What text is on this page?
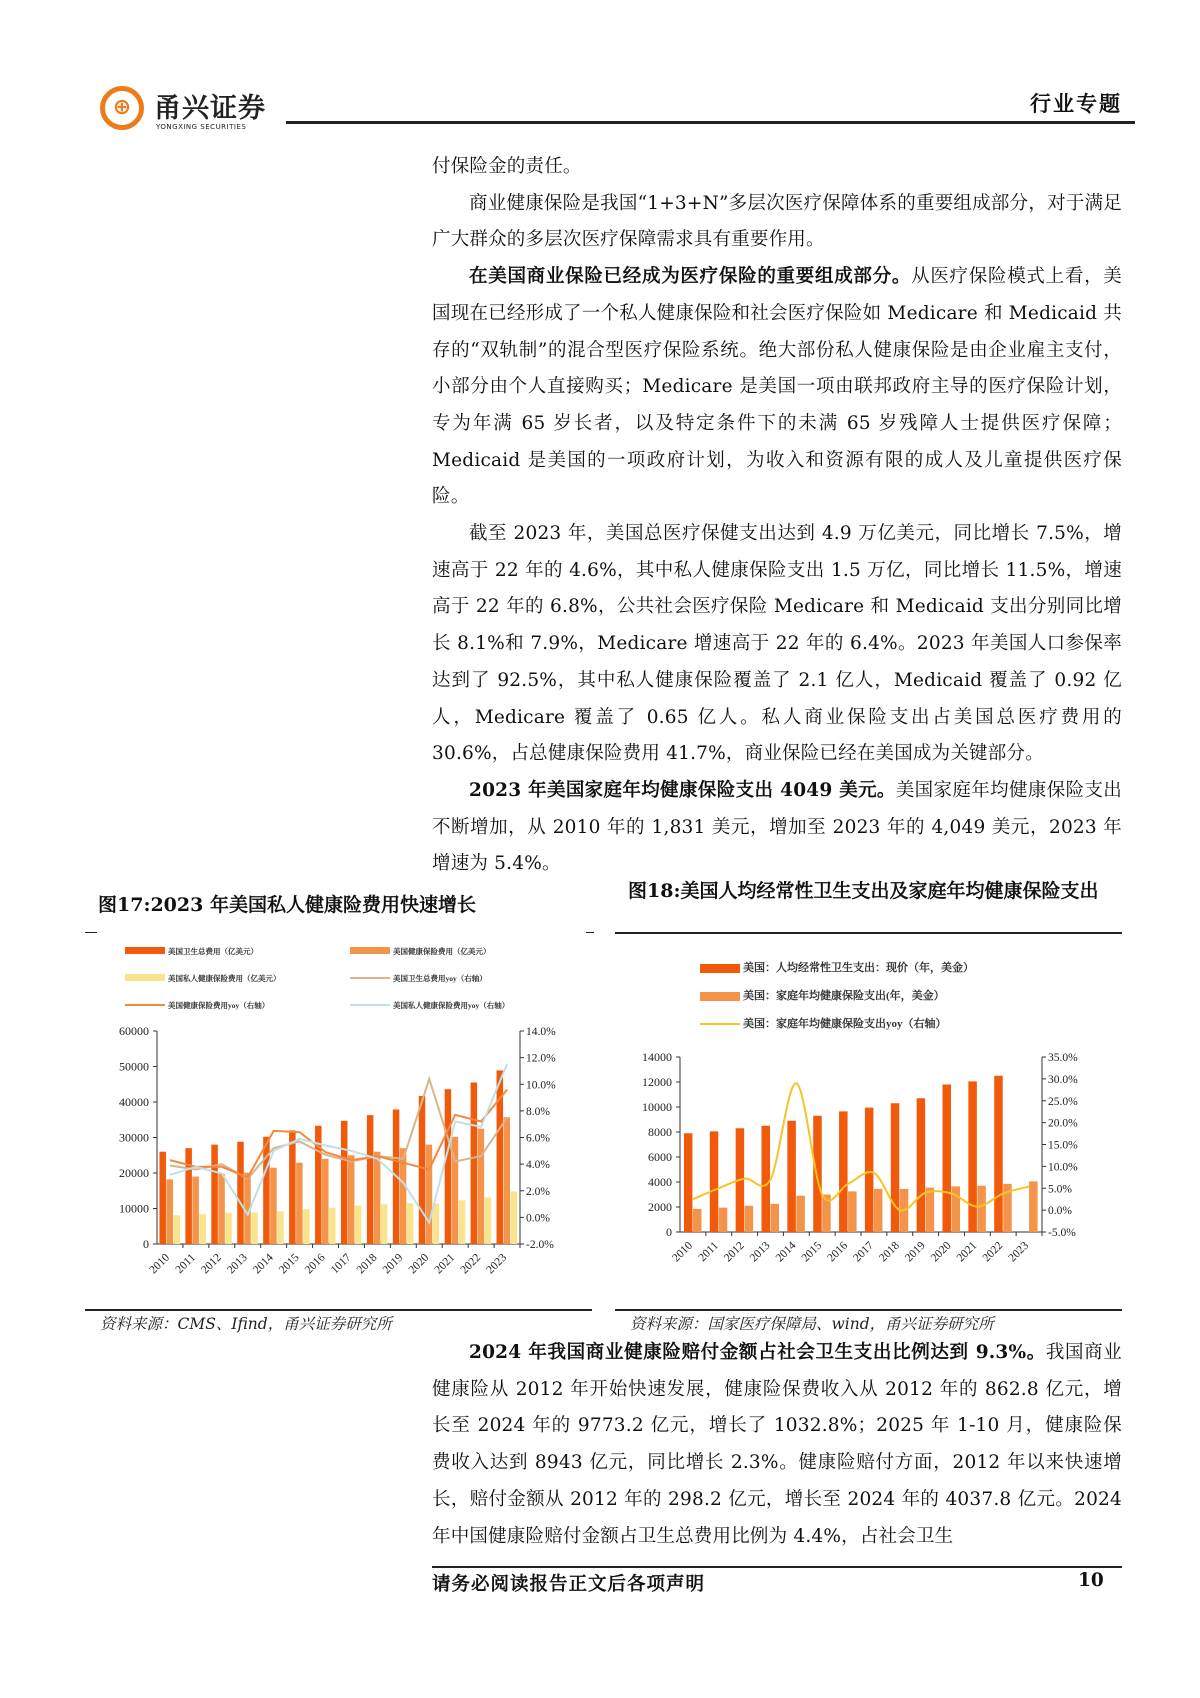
⊕ 甬兴证券
YONGXING SECURITIES
行业专题

付保险金的责任。

商业健康保险是我国“1+3+N”多层次医疗保障体系的重要组成部分，对于满足广大群众的多层次医疗保障需求具有重要作用。

在美国商业保险已经成为医疗保险的重要组成部分。从医疗保险模式上看，美国现在已经形成了一个私人健康保险和社会医疗保险如 Medicare 和 Medicaid 共存的“双轨制”的混合型医疗保险系统。绝大部份私人健康保险是由企业雇主支付，小部分由个人直接购买；Medicare 是美国一项由联邦政府主导的医疗保险计划，专为年满 65 岁长者，以及特定条件下的未满 65 岁残障人士提供医疗保障；Medicaid 是美国的一项政府计划，为收入和资源有限的成人及儿童提供医疗保险。

截至 2023 年，美国总医疗保健支出达到 4.9 万亿美元，同比增长 7.5%，增速高于 22 年的 4.6%，其中私人健康保险支出 1.5 万亿，同比增长 11.5%，增速高于 22 年的 6.8%，公共社会医疗保险 Medicare 和 Medicaid 支出分别同比增长 8.1%和 7.9%，Medicare 增速高于 22 年的 6.4%。2023 年美国人口参保率达到了 92.5%，其中私人健康保险覆盖了 2.1 亿人，Medicaid 覆盖了 0.92 亿人，Medicare 覆盖了 0.65 亿人。私人商业保险支出占美国总医疗费用的 30.6%，占总健康保险费用 41.7%，商业保险已经在美国成为关键部分。

2023 年美国家庭年均健康保险支出 4049 美元。美国家庭年均健康保险支出不断增加，从 2010 年的 1,831 美元，增加至 2023 年的 4,049 美元，2023 年增速为 5.4%。

图17:2023 年美国私人健康险费用快速增长
图18:美国人均经常性卫生支出及家庭年均健康保险支出
美国卫生总费用（亿美元）	美国健康保险费用（亿美元）
美国私人健康保险费用（亿美元）	美国卫生总费用yoy（右轴）
美国健康保险费用yoy（右轴）	美国私人健康保险费用yoy（右轴）
0
10000
20000
30000
40000
50000
60000
-2.0%
0.0%
2.0%
4.0%
6.0%
8.0%
10.0%
12.0%
14.0%
2010 2011 2012 2013 2014 2015 2016 1017 2018 2019 2020 2021 2022 2023
美国：人均经常性卫生支出：现价（年，美金）
美国：家庭年均健康保险支出(年，美金）
美国：家庭年均健康保险支出yoy（右轴）
0
2000
4000
6000
8000
10000
12000
14000
-5.0%
0.0%
5.0%
10.0%
15.0%
20.0%
25.0%
30.0%
35.0%
2010 2011 2012 2013 2014 2015 2016 2017 2018 2019 2020 2021 2022 2023
资料来源：CMS、Ifind，甬兴证券研究所	资料来源：国家医疗保障局、wind，甬兴证券研究所

2024 年我国商业健康险赔付金额占社会卫生支出比例达到 9.3%。我国商业健康险从 2012 年开始快速发展，健康险保费收入从 2012 年的 862.8 亿元，增长至 2024 年的 9773.2 亿元，增长了 1032.8%；2025 年 1-10 月，健康险保费收入达到 8943 亿元，同比增长 2.3%。健康险赔付方面，2012 年以来快速增长，赔付金额从 2012 年的 298.2 亿元，增长至 2024 年的 4037.8 亿元。2024 年中国健康险赔付金额占卫生总费用比例为 4.4%，占社会卫生

请务必阅读报告正文后各项声明	10
